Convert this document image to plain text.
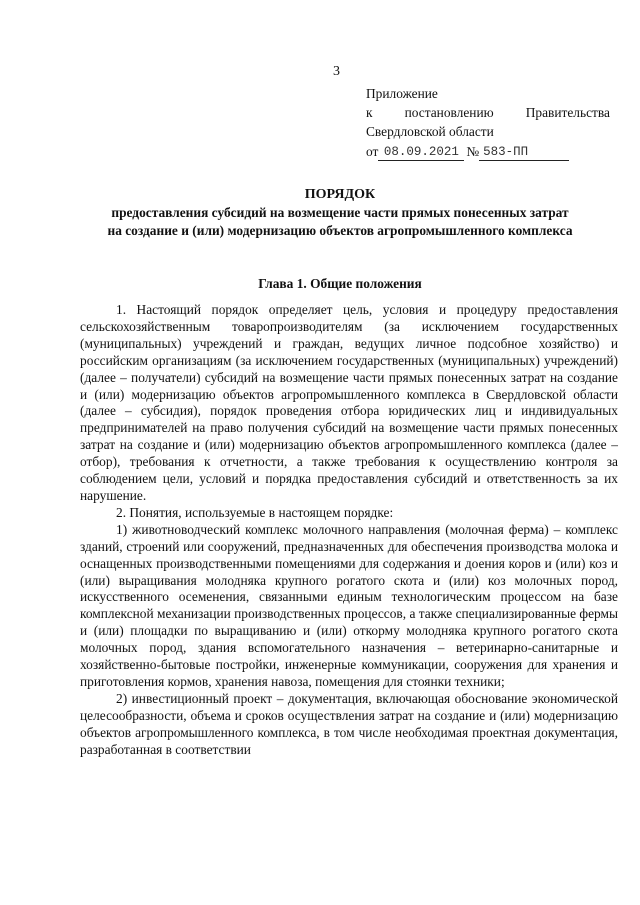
3
Приложение
к постановлению Правительства
Свердловской области
от 08.09.2021 № 583-ПП
ПОРЯДОК
предоставления субсидий на возмещение части прямых понесенных затрат
на создание и (или) модернизацию объектов агропромышленного комплекса
Глава 1. Общие положения

1. Настоящий порядок определяет цель, условия и процедуру предоставления сельскохозяйственным товаропроизводителям (за исключением государственных (муниципальных) учреждений и граждан, ведущих личное подсобное хозяйство) и российским организациям (за исключением государственных (муниципальных) учреждений) (далее – получатели) субсидий на возмещение части прямых понесенных затрат на создание и (или) модернизацию объектов агропромышленного комплекса в Свердловской области (далее – субсидия), порядок проведения отбора юридических лиц и индивидуальных предпринимателей на право получения субсидий на возмещение части прямых понесенных затрат на создание и (или) модернизацию объектов агропромышленного комплекса (далее – отбор), требования к отчетности, а также требования к осуществлению контроля за соблюдением цели, условий и порядка предоставления субсидий и ответственность за их нарушение.

2. Понятия, используемые в настоящем порядке:

1) животноводческий комплекс молочного направления (молочная ферма) – комплекс зданий, строений или сооружений, предназначенных для обеспечения производства молока и оснащенных производственными помещениями для содержания и доения коров и (или) коз и (или) выращивания молодняка крупного рогатого скота и (или) коз молочных пород, искусственного осеменения, связанными единым технологическим процессом на базе комплексной механизации производственных процессов, а также специализированные фермы и (или) площадки по выращиванию и (или) откорму молодняка крупного рогатого скота молочных пород, здания вспомогательного назначения – ветеринарно-санитарные и хозяйственно-бытовые постройки, инженерные коммуникации, сооружения для хранения и приготовления кормов, хранения навоза, помещения для стоянки техники;

2) инвестиционный проект – документация, включающая обоснование экономической целесообразности, объема и сроков осуществления затрат на создание и (или) модернизацию объектов агропромышленного комплекса, в том числе необходимая проектная документация, разработанная в соответствии
